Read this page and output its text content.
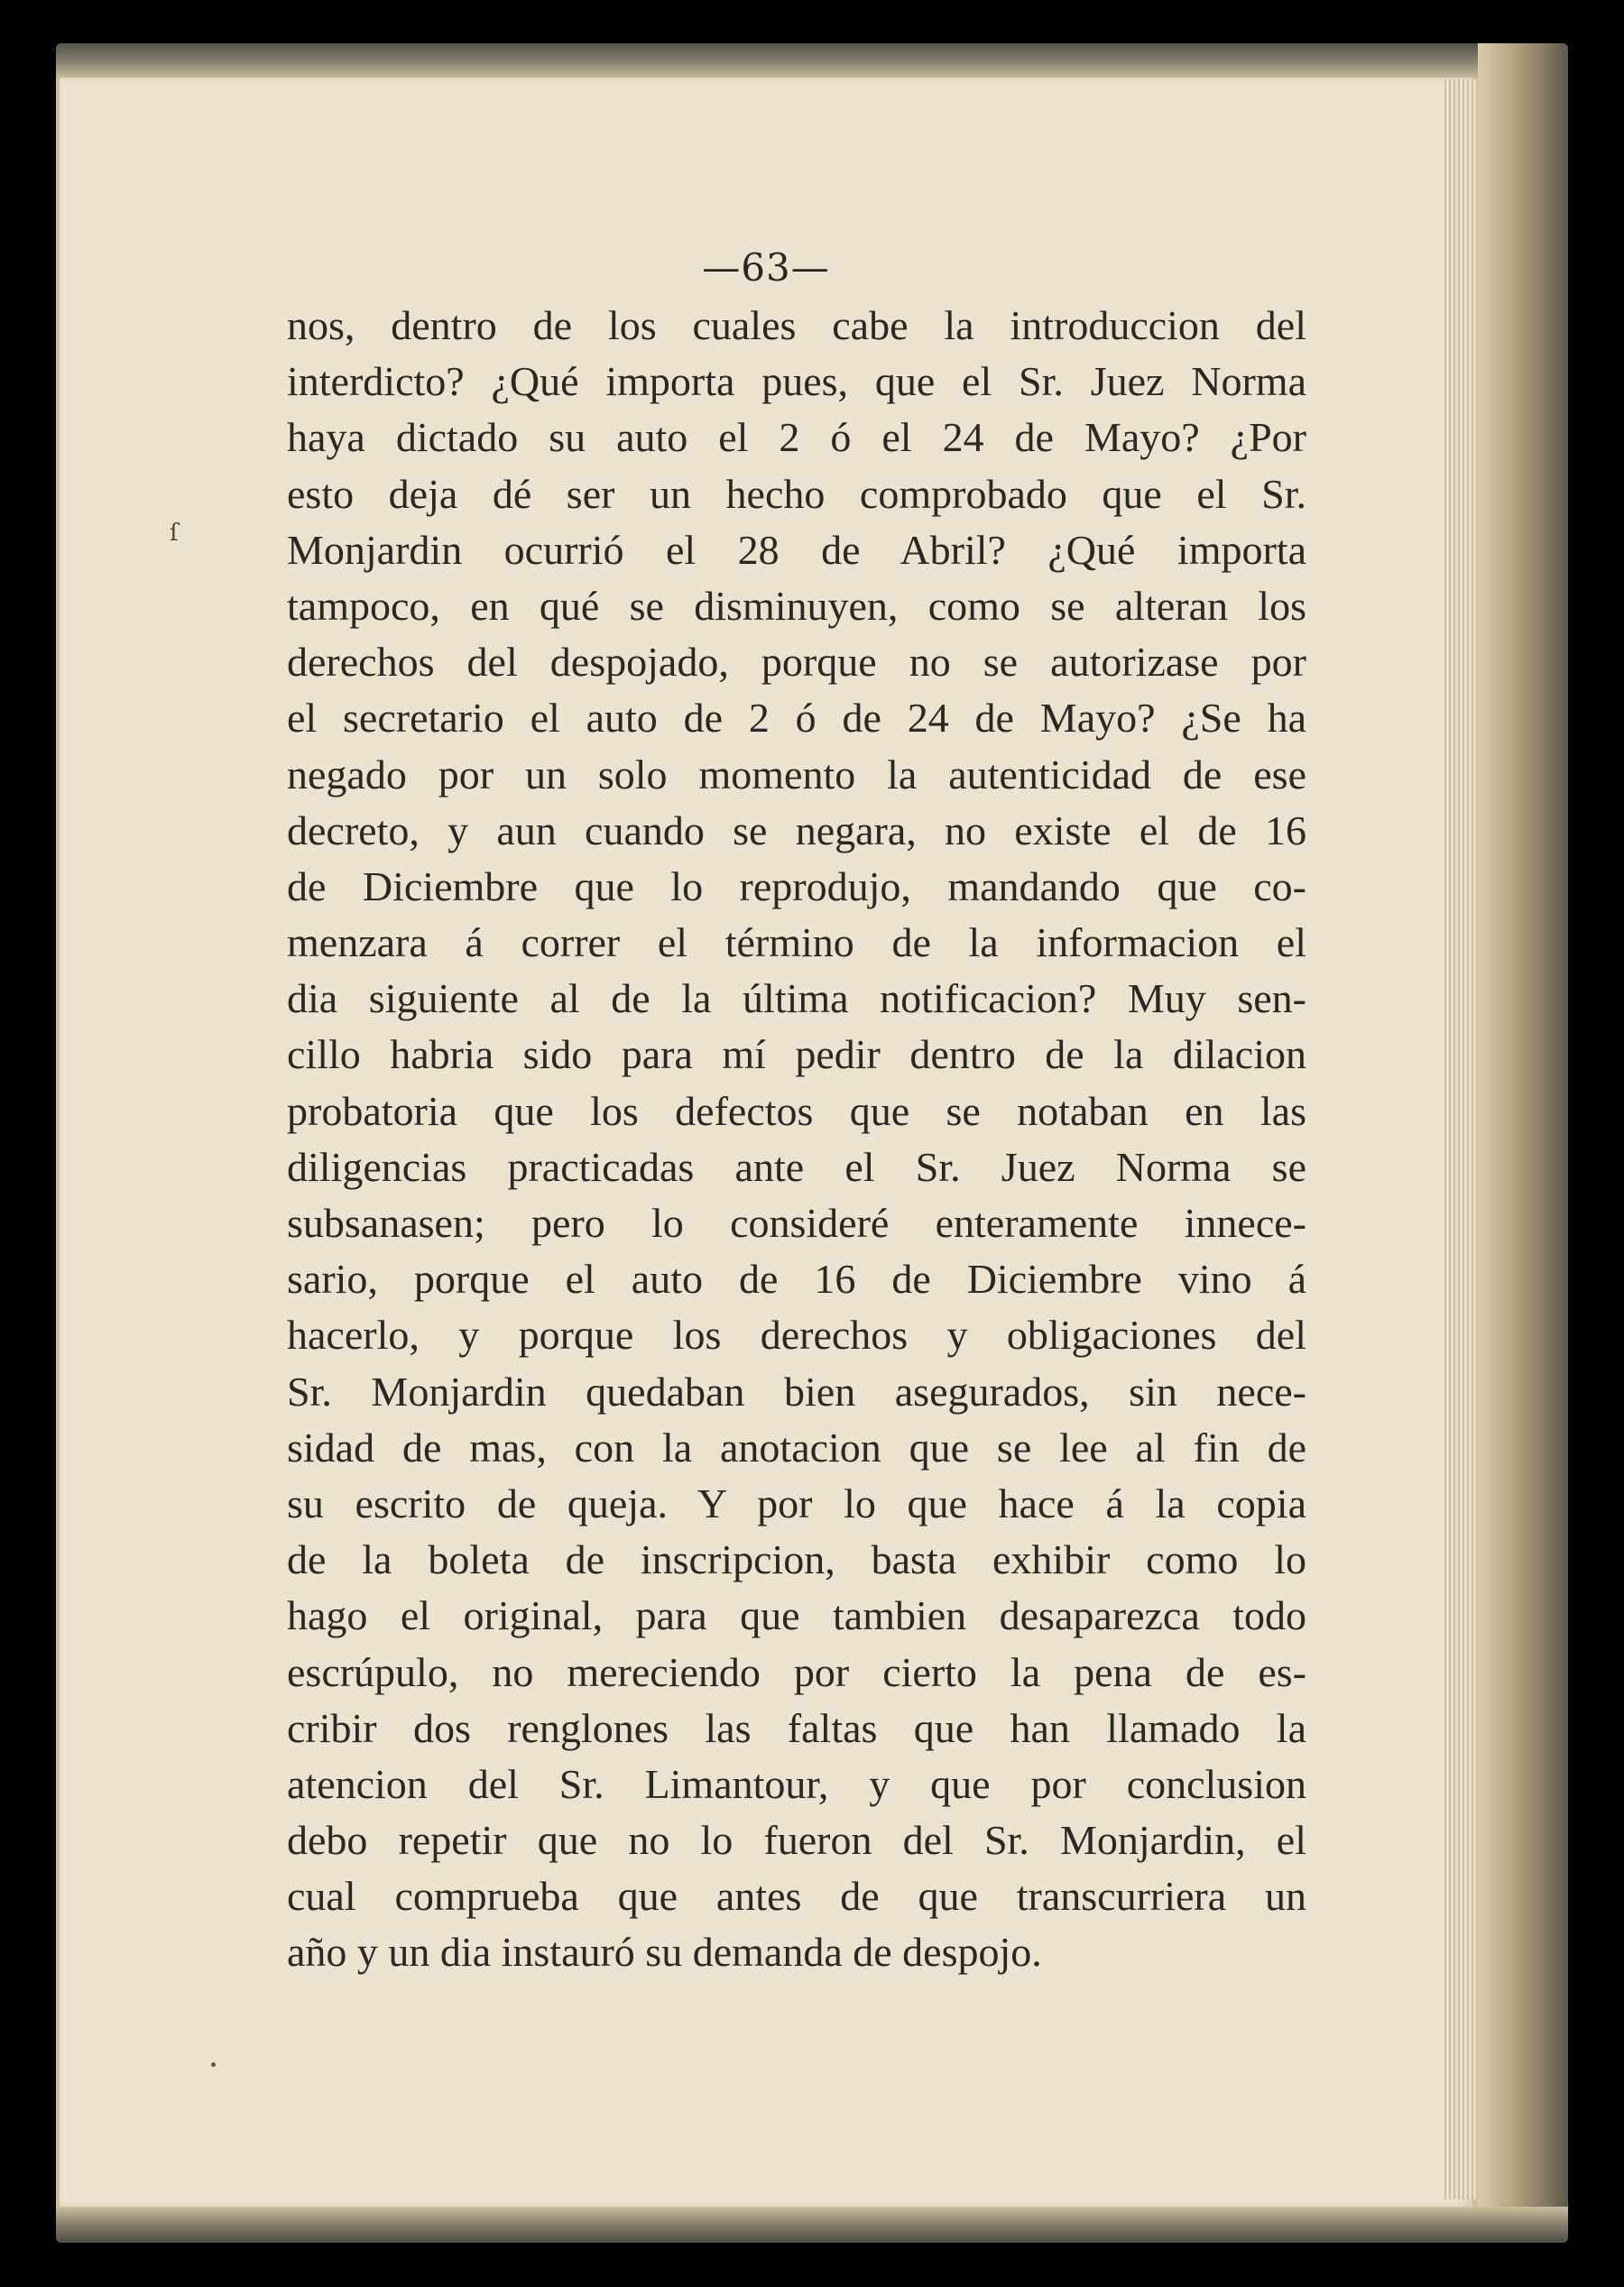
—63—
ſ
nos, dentro de los cuales cabe la introduccion del
interdicto? ¿Qué importa pues, que el Sr. Juez Norma
haya dictado su auto el 2 ó el 24 de Mayo? ¿Por
esto deja dé ser un hecho comprobado que el Sr.
Monjardin ocurrió el 28 de Abril? ¿Qué importa
tampoco, en qué se disminuyen, como se alteran los
derechos del despojado, porque no se autorizase por
el secretario el auto de 2 ó de 24 de Mayo? ¿Se ha
negado por un solo momento la autenticidad de ese
decreto, y aun cuando se negara, no existe el de 16
de Diciembre que lo reprodujo, mandando que co-
menzara á correr el término de la informacion el
dia siguiente al de la última notificacion? Muy sen-
cillo habria sido para mí pedir dentro de la dilacion
probatoria que los defectos que se notaban en las
diligencias practicadas ante el Sr. Juez Norma se
subsanasen; pero lo consideré enteramente innece-
sario, porque el auto de 16 de Diciembre vino á
hacerlo, y porque los derechos y obligaciones del
Sr. Monjardin quedaban bien asegurados, sin nece-
sidad de mas, con la anotacion que se lee al fin de
su escrito de queja. Y por lo que hace á la copia
de la boleta de inscripcion, basta exhibir como lo
hago el original, para que tambien desaparezca todo
escrúpulo, no mereciendo por cierto la pena de es-
cribir dos renglones las faltas que han llamado la
atencion del Sr. Limantour, y que por conclusion
debo repetir que no lo fueron del Sr. Monjardin, el
cual comprueba que antes de que transcurriera un
año y un dia instauró su demanda de despojo.
